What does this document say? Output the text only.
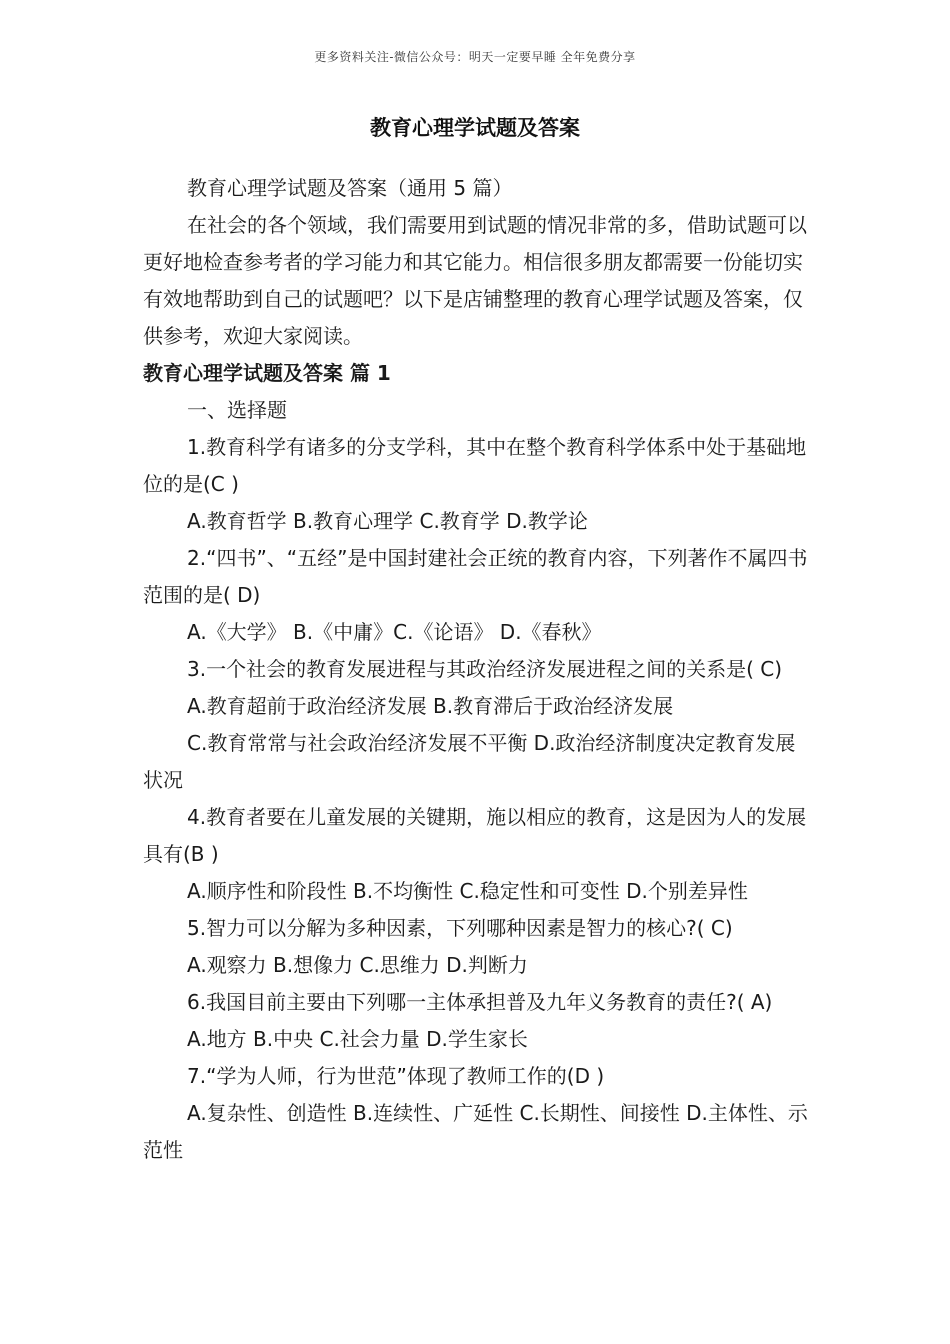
更多资料关注-微信公众号：明天一定要早睡 全年免费分享
教育心理学试题及答案

教育心理学试题及答案（通用 5 篇）

在社会的各个领域，我们需要用到试题的情况非常的多，借助试题可以更好地检查参考者的学习能力和其它能力。相信很多朋友都需要一份能切实有效地帮助到自己的试题吧？以下是店铺整理的教育心理学试题及答案，仅供参考，欢迎大家阅读。

教育心理学试题及答案 篇 1

一、选择题

1.教育科学有诸多的分支学科，其中在整个教育科学体系中处于基础地位的是(C )

A.教育哲学 B.教育心理学 C.教育学 D.教学论

2.“四书”、“五经”是中国封建社会正统的教育内容，下列著作不属四书范围的是( D)

A.《大学》 B.《中庸》C.《论语》 D.《春秋》

3.一个社会的教育发展进程与其政治经济发展进程之间的关系是( C)

A.教育超前于政治经济发展 B.教育滞后于政治经济发展

C.教育常常与社会政治经济发展不平衡 D.政治经济制度决定教育发展状况

4.教育者要在儿童发展的关键期，施以相应的教育，这是因为人的发展具有(B )

A.顺序性和阶段性 B.不均衡性 C.稳定性和可变性 D.个别差异性

5.智力可以分解为多种因素，下列哪种因素是智力的核心?( C)

A.观察力 B.想像力 C.思维力 D.判断力

6.我国目前主要由下列哪一主体承担普及九年义务教育的责任?( A)

A.地方 B.中央 C.社会力量 D.学生家长

7.“学为人师，行为世范”体现了教师工作的(D )

A.复杂性、创造性 B.连续性、广延性 C.长期性、间接性 D.主体性、示范性
